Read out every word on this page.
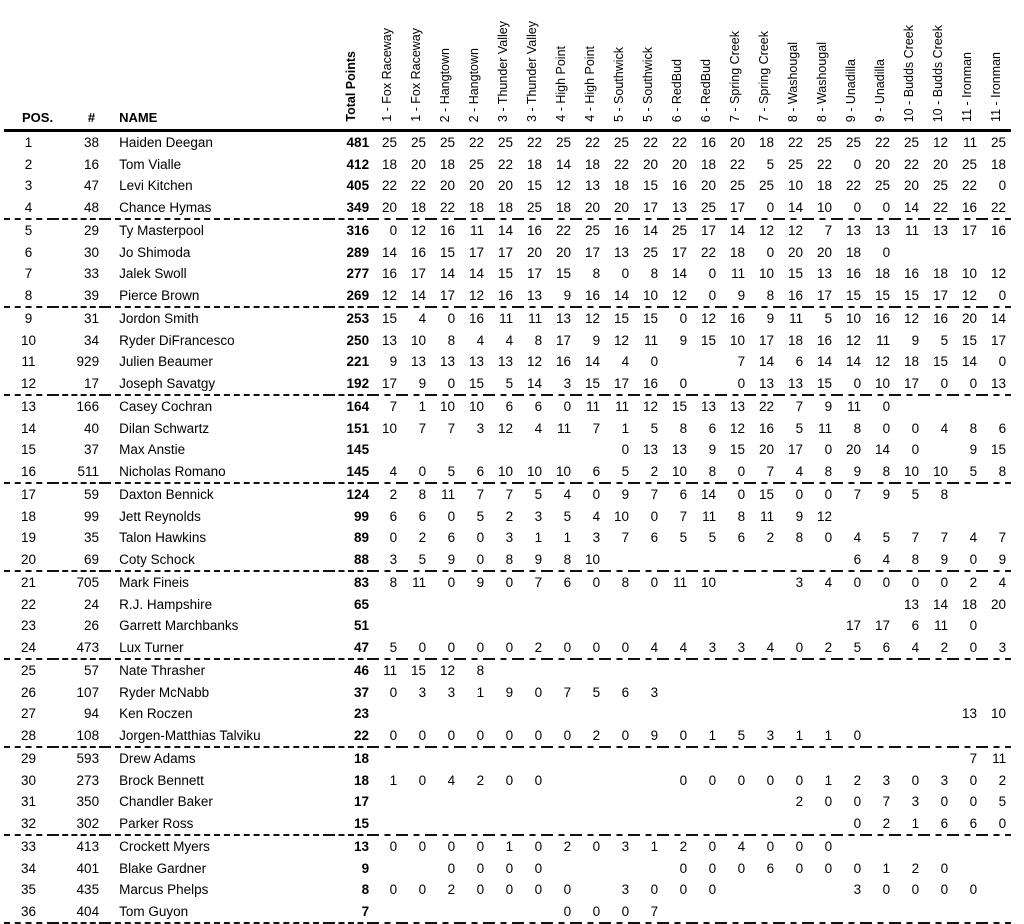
POS.	#	NAME	Total Points	1 - Fox Raceway	1 - Fox Raceway	2 - Hangtown	2 - Hangtown	3 - Thunder Valley	3 - Thunder Valley	4 - High Point	4 - High Point	5 - Southwick	5 - Southwick	6 - RedBud	6 - RedBud	7 - Spring Creek	7 - Spring Creek	8 - Washougal	8 - Washougal	9 - Unadilla	9 - Unadilla	10 - Budds Creek	10 - Budds Creek	11 - Ironman	11 - Ironman
1	38	Haiden Deegan	481	25	25	25	22	25	22	25	22	25	22	22	16	20	18	22	25	25	22	25	12	11	25
2	16	Tom Vialle	412	18	20	18	25	22	18	14	18	22	20	20	18	22	5	25	22	0	20	22	20	25	18
3	47	Levi Kitchen	405	22	22	20	20	20	15	12	13	18	15	16	20	25	25	10	18	22	25	20	25	22	0
4	48	Chance Hymas	349	20	18	22	18	18	25	18	20	20	17	13	25	17	0	14	10	0	0	14	22	16	22
5	29	Ty Masterpool	316	0	12	16	11	14	16	22	25	16	14	25	17	14	12	12	7	13	13	11	13	17	16
6	30	Jo Shimoda	289	14	16	15	17	17	20	20	17	13	25	17	22	18	0	20	20	18	0				
7	33	Jalek Swoll	277	16	17	14	14	15	17	15	8	0	8	14	0	11	10	15	13	16	18	16	18	10	12
8	39	Pierce Brown	269	12	14	17	12	16	13	9	16	14	10	12	0	9	8	16	17	15	15	15	17	12	0
9	31	Jordon Smith	253	15	4	0	16	11	11	13	12	15	15	0	12	16	9	11	5	10	16	12	16	20	14
10	34	Ryder DiFrancesco	250	13	10	8	4	4	8	17	9	12	11	9	15	10	17	18	16	12	11	9	5	15	17
11	929	Julien Beaumer	221	9	13	13	13	13	12	16	14	4	0			7	14	6	14	14	12	18	15	14	0
12	17	Joseph Savatgy	192	17	9	0	15	5	14	3	15	17	16	0		0	13	13	15	0	10	17	0	0	13
13	166	Casey Cochran	164	7	1	10	10	6	6	0	11	11	12	15	13	13	22	7	9	11	0				
14	40	Dilan Schwartz	151	10	7	7	3	12	4	11	7	1	5	8	6	12	16	5	11	8	0	0	4	8	6
15	37	Max Anstie	145									0	13	13	9	15	20	17	0	20	14	0		9	15
16	511	Nicholas Romano	145	4	0	5	6	10	10	10	6	5	2	10	8	0	7	4	8	9	8	10	10	5	8
17	59	Daxton Bennick	124	2	8	11	7	7	5	4	0	9	7	6	14	0	15	0	0	7	9	5	8		
18	99	Jett Reynolds	99	6	6	0	5	2	3	5	4	10	0	7	11	8	11	9	12						
19	35	Talon Hawkins	89	0	2	6	0	3	1	1	3	7	6	5	5	6	2	8	0	4	5	7	7	4	7
20	69	Coty Schock	88	3	5	9	0	8	9	8	10									6	4	8	9	0	9
21	705	Mark Fineis	83	8	11	0	9	0	7	6	0	8	0	11	10			3	4	0	0	0	0	2	4
22	24	R.J. Hampshire	65																			13	14	18	20
23	26	Garrett Marchbanks	51																	17	17	6	11	0	
24	473	Lux Turner	47	5	0	0	0	0	2	0	0	0	4	4	3	3	4	0	2	5	6	4	2	0	3
25	57	Nate Thrasher	46	11	15	12	8																		
26	107	Ryder McNabb	37	0	3	3	1	9	0	7	5	6	3												
27	94	Ken Roczen	23																					13	10
28	108	Jorgen-Matthias Talviku	22	0	0	0	0	0	0	0	2	0	9	0	1	5	3	1	1	0					
29	593	Drew Adams	18																					7	11
30	273	Brock Bennett	18	1	0	4	2	0	0					0	0	0	0	0	1	2	3	0	3	0	2
31	350	Chandler Baker	17															2	0	0	7	3	0	0	5
32	302	Parker Ross	15																	0	2	1	6	6	0
33	413	Crockett Myers	13	0	0	0	0	1	0	2	0	3	1	2	0	4	0	0	0						
34	401	Blake Gardner	9			0	0	0	0					0	0	0	6	0	0	0	1	2	0		
35	435	Marcus Phelps	8	0	0	2	0	0	0	0		3	0	0	0					3	0	0	0	0	
36	404	Tom Guyon	7							0	0	0	7												
